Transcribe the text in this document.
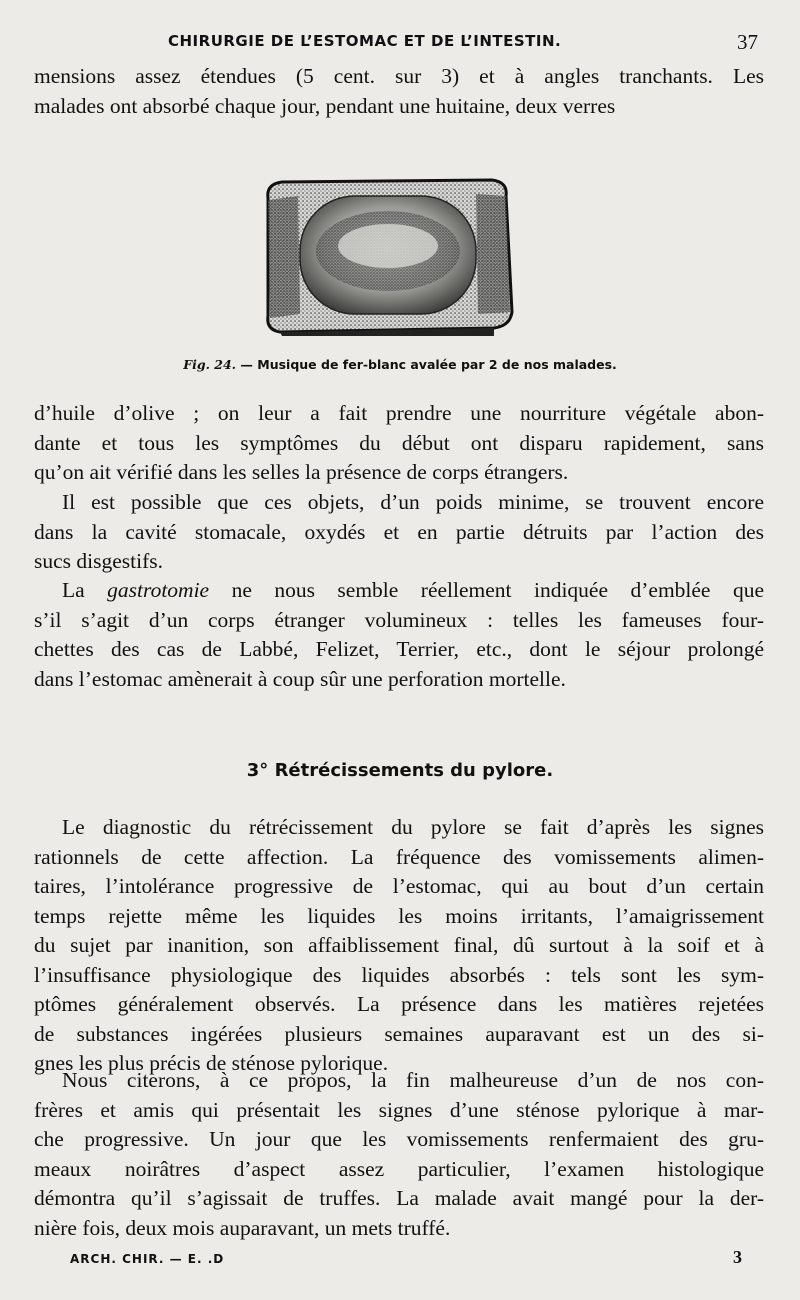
CHIRURGIE DE L’ESTOMAC ET DE L’INTESTIN.	37

mensions assez étendues (5 cent. sur 3) et à angles tranchants. Les
malades ont absorbé chaque jour, pendant une huitaine, deux verres

Fig. 24. — Musique de fer-blanc avalée par 2 de nos malades.

d’huile d’olive ; on leur a fait prendre une nourriture végétale abon-
dante et tous les symptômes du début ont disparu rapidement, sans
qu’on ait vérifié dans les selles la présence de corps étrangers.

Il est possible que ces objets, d’un poids minime, se trouvent encore
dans la cavité stomacale, oxydés et en partie détruits par l’action des
sucs disgestifs.

La gastrotomie ne nous semble réellement indiquée d’emblée que
s’il s’agit d’un corps étranger volumineux : telles les fameuses four-
chettes des cas de Labbé, Felizet, Terrier, etc., dont le séjour prolongé
dans l’estomac amènerait à coup sûr une perforation mortelle.

3° Rétrécissements du pylore.

Le diagnostic du rétrécissement du pylore se fait d’après les signes
rationnels de cette affection. La fréquence des vomissements alimen-
taires, l’intolérance progressive de l’estomac, qui au bout d’un certain
temps rejette même les liquides les moins irritants, l’amaigrissement
du sujet par inanition, son affaiblissement final, dû surtout à la soif et à
l’insuffisance physiologique des liquides absorbés : tels sont les sym-
ptômes généralement observés. La présence dans les matières rejetées
de substances ingérées plusieurs semaines auparavant est un des si-
gnes les plus précis de sténose pylorique.

Nous citerons, à ce propos, la fin malheureuse d’un de nos con-
frères et amis qui présentait les signes d’une sténose pylorique à mar-
che progressive. Un jour que les vomissements renfermaient des gru-
meaux noirâtres d’aspect assez particulier, l’examen histologique
démontra qu’il s’agissait de truffes. La malade avait mangé pour la der-
nière fois, deux mois auparavant, un mets truffé.

ARCH. CHIR. — E. .D	3
